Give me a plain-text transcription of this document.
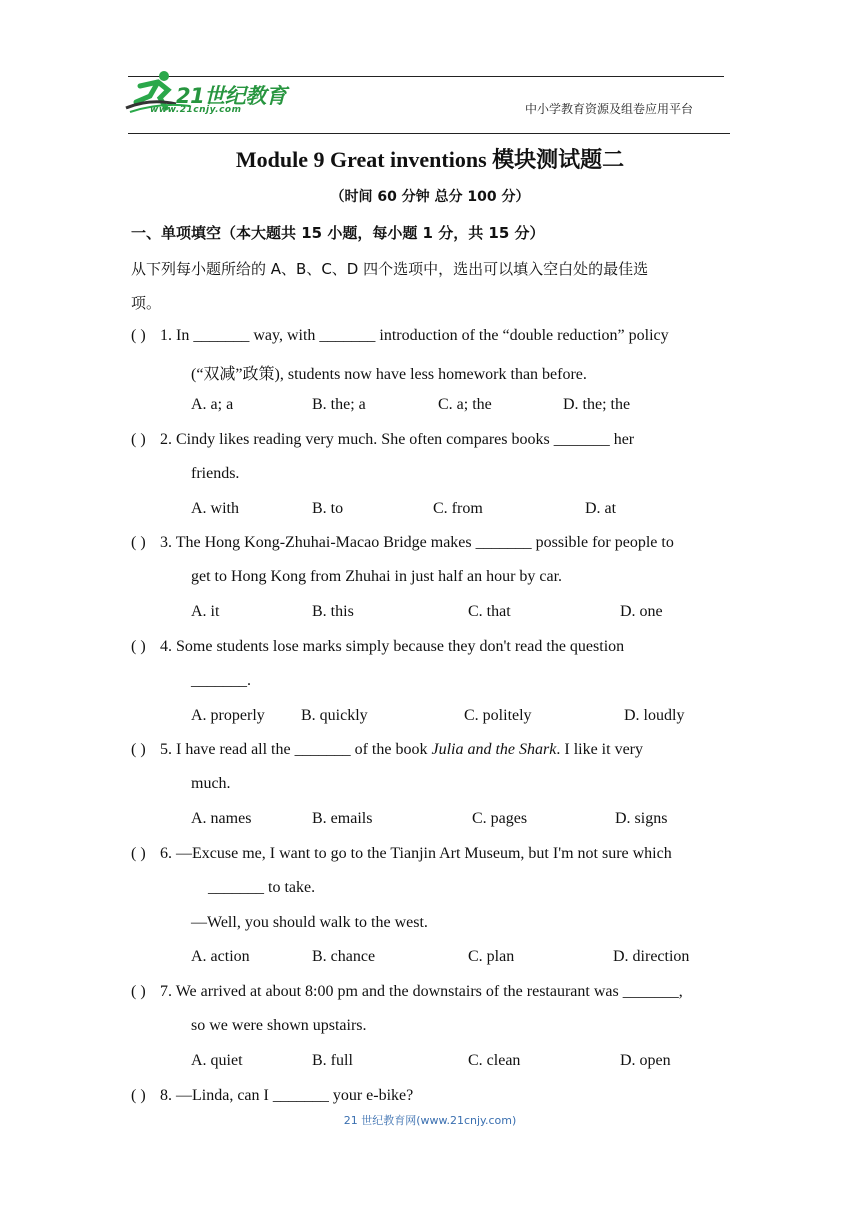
21世纪教育
www.21cnjy.com	中小学教育资源及组卷应用平台
Module 9 Great inventions 模块测试题二
（时间 60 分钟 总分 100 分）
一、单项填空（本大题共 15 小题，每小题 1 分，共 15 分）
从下列每小题所给的 A、B、C、D 四个选项中，选出可以填入空白处的最佳选
项。
( ) 1. In _______ way, with _______ introduction of the “double reduction” policy
(“双减”政策), students now have less homework than before.
A. a; a	B. the; a	C. a; the	D. the; the
( ) 2. Cindy likes reading very much. She often compares books _______ her
friends.
A. with	B. to	C. from	D. at
( ) 3. The Hong Kong-Zhuhai-Macao Bridge makes _______ possible for people to
get to Hong Kong from Zhuhai in just half an hour by car.
A. it	B. this	C. that	D. one
( ) 4. Some students lose marks simply because they don't read the question
_______.
A. properly B. quickly	C. politely	D. loudly
( ) 5. I have read all the _______ of the book Julia and the Shark. I like it very
much.
A. names	B. emails	C. pages	D. signs
( ) 6. —Excuse me, I want to go to the Tianjin Art Museum, but I'm not sure which
_______ to take.
—Well, you should walk to the west.
A. action	B. chance	C. plan	D. direction
( ) 7. We arrived at about 8:00 pm and the downstairs of the restaurant was _______,
so we were shown upstairs.
A. quiet	B. full	C. clean	D. open
( ) 8. —Linda, can I _______ your e-bike?
21 世纪教育网(www.21cnjy.com)
